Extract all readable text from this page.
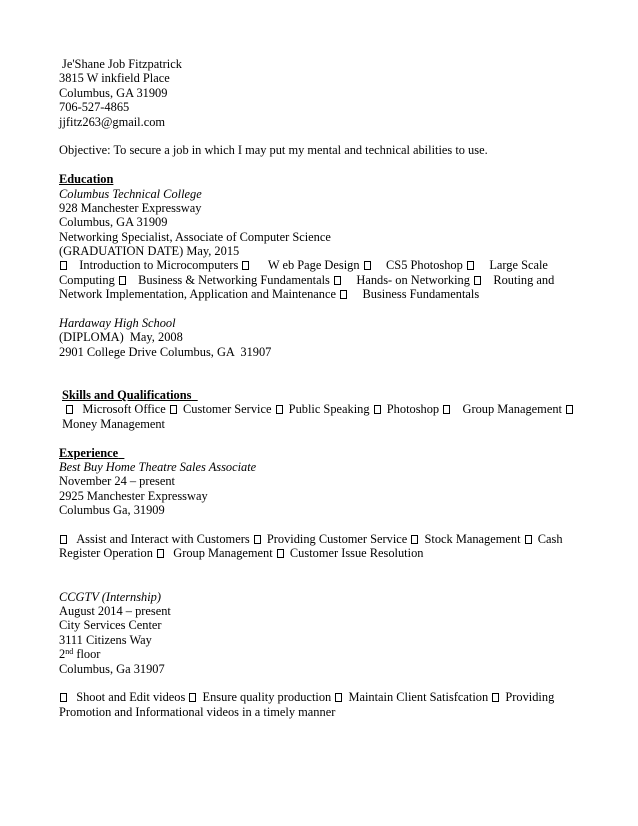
Je'Shane Job Fitzpatrick
3815 W inkfield Place
Columbus, GA 31909
706-527-4865
jjfitz263@gmail.com
Objective: To secure a job in which I may put my mental and technical abilities to use.
Education
Columbus Technical College
928 Manchester Expressway
Columbus, GA 31909
Networking Specialist, Associate of Computer Science
(GRADUATION DATE) May, 2015
Introduction to Microcomputers W eb Page Design CS5 Photoshop Large Scale Computing Business & Networking Fundamentals Hands- on Networking Routing and Network Implementation, Application and Maintenance Business Fundamentals
Hardaway High School
(DIPLOMA)  May, 2008
2901 College Drive Columbus, GA  31907
Skills and Qualifications
Microsoft Office Customer Service Public Speaking Photoshop Group Management  Money Management
Experience
Best Buy Home Theatre Sales Associate
November 24 – present
2925 Manchester Expressway
Columbus Ga, 31909
Assist and Interact with Customers Providing Customer Service Stock Management Cash Register Operation Group Management Customer Issue Resolution
CCGTV (Internship)
August 2014 – present
City Services Center
3111 Citizens Way
2nd floor
Columbus, Ga 31907
Shoot and Edit videos Ensure quality production Maintain Client Satisfcation Providing Promotion and Informational videos in a timely manner
